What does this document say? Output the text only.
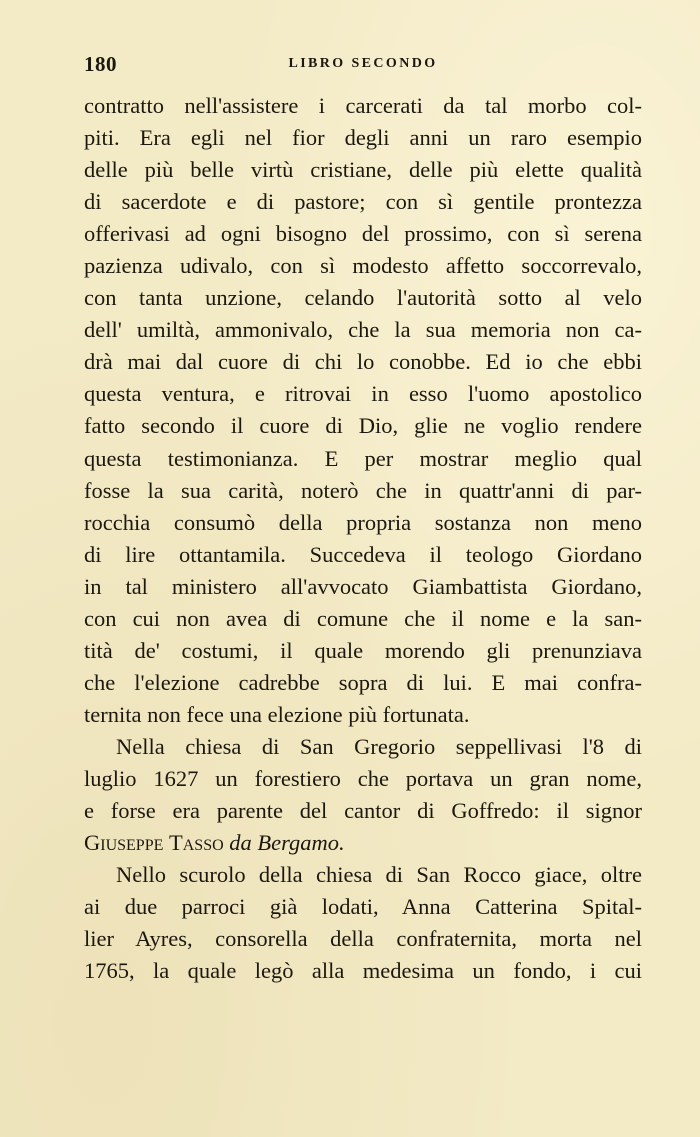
180	LIBRO SECONDO
contratto nell'assistere i carcerati da tal morbo col-
piti. Era egli nel fior degli anni un raro esempio
delle più belle virtù cristiane, delle più elette qualità
di sacerdote e di pastore; con sì gentile prontezza
offerivasi ad ogni bisogno del prossimo, con sì serena
pazienza udivalo, con sì modesto affetto soccorrevalo,
con tanta unzione, celando l'autorità sotto al velo
dell' umiltà, ammonivalo, che la sua memoria non ca-
drà mai dal cuore di chi lo conobbe. Ed io che ebbi
questa ventura, e ritrovai in esso l'uomo apostolico
fatto secondo il cuore di Dio, glie ne voglio rendere
questa testimonianza. E per mostrar meglio qual
fosse la sua carità, noterò che in quattr'anni di par-
rocchia consumò della propria sostanza non meno
di lire ottantamila. Succedeva il teologo Giordano
in tal ministero all'avvocato Giambattista Giordano,
con cui non avea di comune che il nome e la san-
tità de' costumi, il quale morendo gli prenunziava
che l'elezione cadrebbe sopra di lui. E mai confra-
ternita non fece una elezione più fortunata.
Nella chiesa di San Gregorio seppellivasi l'8 di
luglio 1627 un forestiero che portava un gran nome,
e forse era parente del cantor di Goffredo: il signor
Giuseppe Tasso da Bergamo.
Nello scurolo della chiesa di San Rocco giace, oltre
ai due parroci già lodati, Anna Catterina Spital-
lier Ayres, consorella della confraternita, morta nel
1765, la quale legò alla medesima un fondo, i cui
